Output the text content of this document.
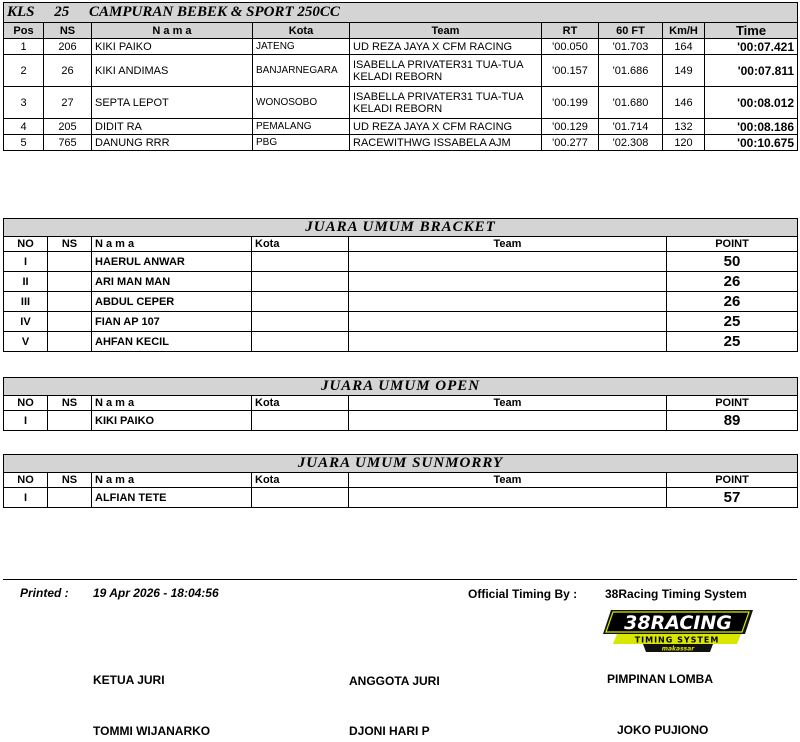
KLS 25 CAMPURAN BEBEK & SPORT 250CC								
Pos	NS	N a m a	Kota	Team	RT	60 FT	Km/H	Time
1	206	KIKI PAIKO	JATENG	UD REZA JAYA X CFM RACING	'00.050	'01.703	164	'00:07.421
2	26	KIKI ANDIMAS	BANJARNEGARA	ISABELLA PRIVATER31 TUA-TUA KELADI REBORN	'00.157	'01.686	149	'00:07.811
3	27	SEPTA LEPOT	WONOSOBO	ISABELLA PRIVATER31 TUA-TUA KELADI REBORN	'00.199	'01.680	146	'00:08.012
4	205	DIDIT RA	PEMALANG	UD REZA JAYA X CFM RACING	'00.129	'01.714	132	'00:08.186
5	765	DANUNG RRR	PBG	RACEWITHWG ISSABELA AJM	'00.277	'02.308	120	'00:10.675
JUARA UMUM BRACKET					
NO	NS	N a m a	Kota	Team	POINT
I		HAERUL ANWAR			50
II		ARI MAN MAN			26
III		ABDUL CEPER			26
IV		FIAN AP 107			25
V		AHFAN KECIL			25
JUARA UMUM OPEN					
NO	NS	N a m a	Kota	Team	POINT
I		KIKI PAIKO			89
JUARA UMUM SUNMORRY					
NO	NS	N a m a	Kota	Team	POINT
I		ALFIAN TETE			57
Printed : 19 Apr 2026 - 18:04:56	Official Timing By : 38Racing Timing System
38RACING
TIMING SYSTEM
makassar
KETUA JURI	ANGGOTA JURI	PIMPINAN LOMBA
TOMMI WIJANARKO	DJONI HARI P	JOKO PUJIONO
